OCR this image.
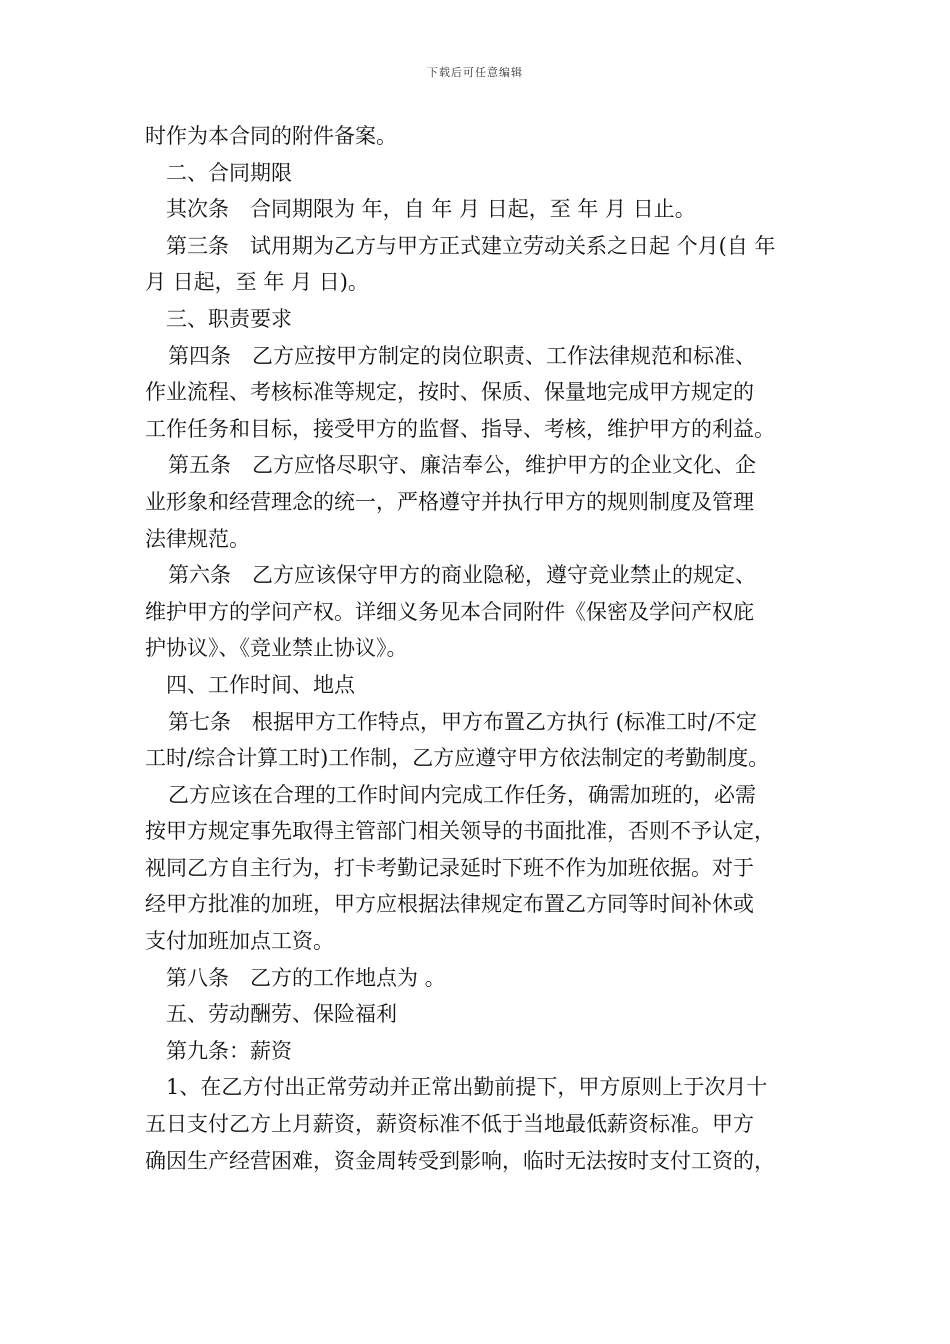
下载后可任意编辑
时作为本合同的附件备案。
二、合同期限
其次条　合同期限为 年，自 年 月 日起，至 年 月 日止。
第三条　试用期为乙方与甲方正式建立劳动关系之日起 个月(自 年
月 日起，至 年 月 日)。
三、职责要求
第四条　乙方应按甲方制定的岗位职责、工作法律规范和标准、
作业流程、考核标准等规定，按时、保质、保量地完成甲方规定的
工作任务和目标，接受甲方的监督、指导、考核，维护甲方的利益。
第五条　乙方应恪尽职守、廉洁奉公，维护甲方的企业文化、企
业形象和经营理念的统一，严格遵守并执行甲方的规则制度及管理
法律规范。
第六条　乙方应该保守甲方的商业隐秘，遵守竞业禁止的规定、
维护甲方的学问产权。详细义务见本合同附件《保密及学问产权庇
护协议》、《竞业禁止协议》。
四、工作时间、地点
第七条　根据甲方工作特点，甲方布置乙方执行 (标准工时/不定
工时/综合计算工时)工作制，乙方应遵守甲方依法制定的考勤制度。
乙方应该在合理的工作时间内完成工作任务，确需加班的，必需
按甲方规定事先取得主管部门相关领导的书面批准，否则不予认定，
视同乙方自主行为，打卡考勤记录延时下班不作为加班依据。对于
经甲方批准的加班，甲方应根据法律规定布置乙方同等时间补休或
支付加班加点工资。
第八条　乙方的工作地点为 。
五、劳动酬劳、保险福利
第九条：薪资
1、在乙方付出正常劳动并正常出勤前提下，甲方原则上于次月十
五日支付乙方上月薪资，薪资标准不低于当地最低薪资标准。甲方
确因生产经营困难，资金周转受到影响，临时无法按时支付工资的，
